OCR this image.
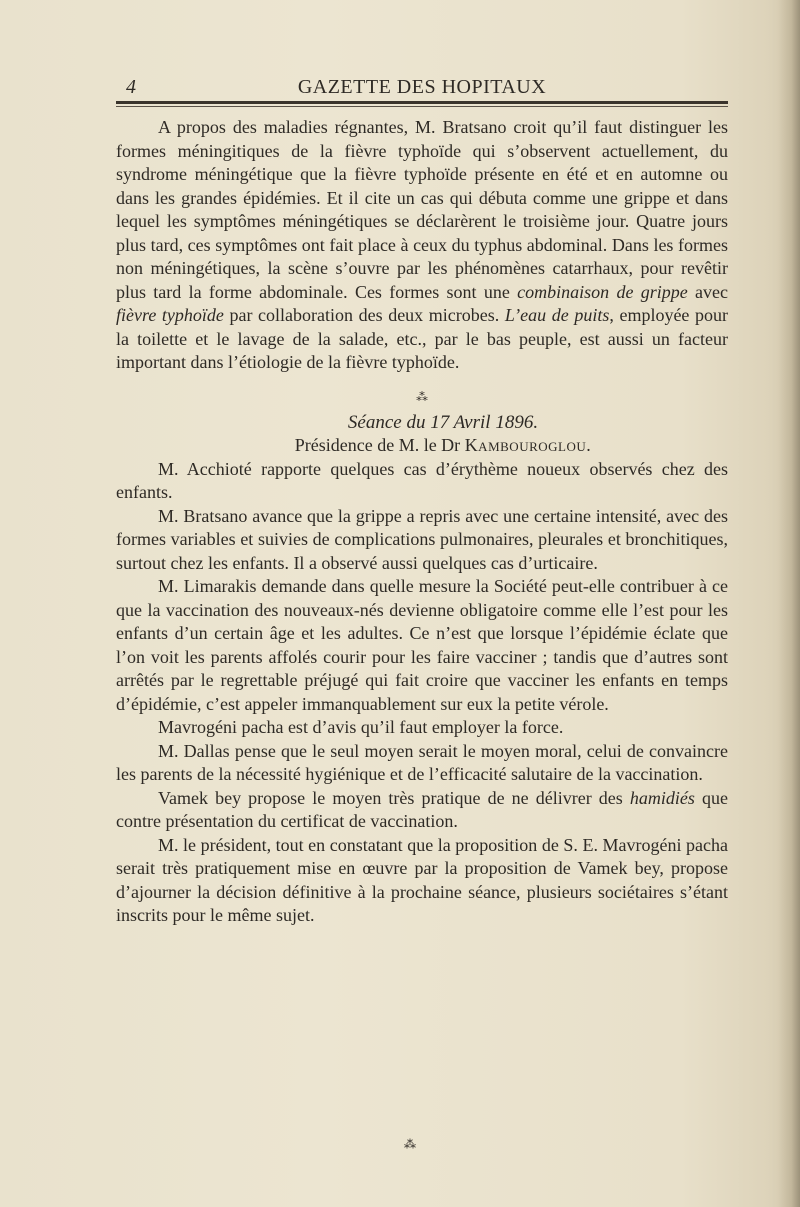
4	GAZETTE DES HOPITAUX

A propos des maladies régnantes, M. Bratsano croit qu’il faut distinguer les formes méningitiques de la fièvre typhoïde qui s’observent actuellement, du syndrome méningétique que la fièvre typhoïde présente en été et en automne ou dans les grandes épidémies. Et il cite un cas qui débuta comme une grippe et dans lequel les symptômes méningétiques se déclarèrent le troisième jour. Quatre jours plus tard, ces symptômes ont fait place à ceux du typhus abdominal. Dans les formes non méningétiques, la scène s’ouvre par les phénomènes catarrhaux, pour revêtir plus tard la forme abdominale. Ces formes sont une combinaison de grippe avec fièvre typhoïde par collaboration des deux microbes. L’eau de puits, employée pour la toilette et le lavage de la salade, etc., par le bas peuple, est aussi un facteur important dans l’étiologie de la fièvre typhoïde.

⁂

Séance du 17 Avril 1896.

Présidence de M. le Dr Kambouroglou.

M. Acchioté rapporte quelques cas d’érythème noueux observés chez des enfants.

M. Bratsano avance que la grippe a repris avec une certaine intensité, avec des formes variables et suivies de complications pulmonaires, pleurales et bronchitiques, surtout chez les enfants. Il a observé aussi quelques cas d’urticaire.

M. Limarakis demande dans quelle mesure la Société peut-elle contribuer à ce que la vaccination des nouveaux-nés devienne obligatoire comme elle l’est pour les enfants d’un certain âge et les adultes. Ce n’est que lorsque l’épidémie éclate que l’on voit les parents affolés courir pour les faire vacciner ; tandis que d’autres sont arrêtés par le regrettable préjugé qui fait croire que vacciner les enfants en temps d’épidémie, c’est appeler immanquablement sur eux la petite vérole.

Mavrogéni pacha est d’avis qu’il faut employer la force.

M. Dallas pense que le seul moyen serait le moyen moral, celui de convaincre les parents de la nécessité hygiénique et de l’efficacité salutaire de la vaccination.

Vamek bey propose le moyen très pratique de ne délivrer des hamidiés que contre présentation du certificat de vaccination.

M. le président, tout en constatant que la proposition de S. E. Mavrogéni pacha serait très pratiquement mise en œuvre par la proposition de Vamek bey, propose d’ajourner la décision définitive à la prochaine séance, plusieurs sociétaires s’étant inscrits pour le même sujet.

⁂
